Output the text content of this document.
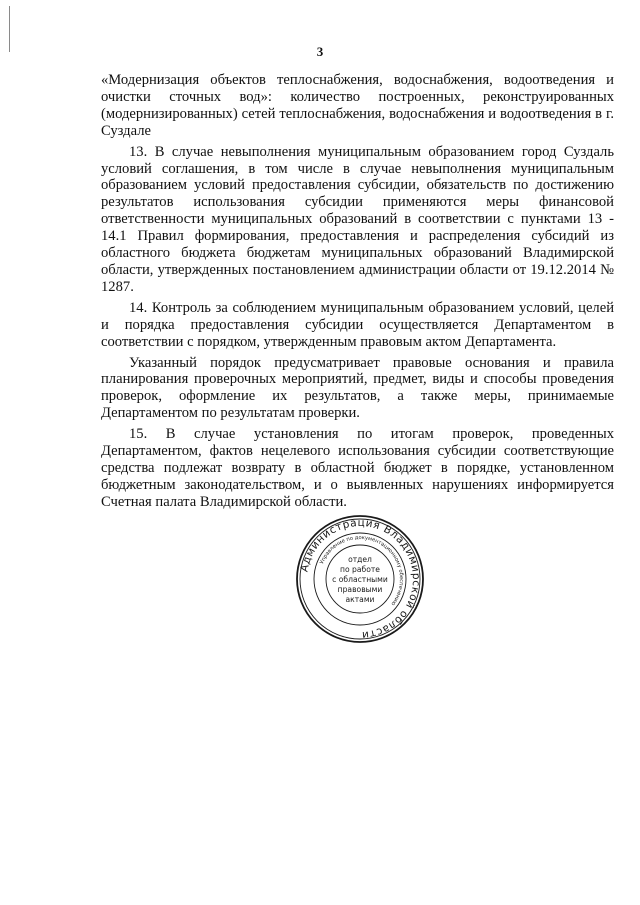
3

«Модернизация объектов теплоснабжения, водоснабжения, водоотведения и очистки сточных вод»: количество построенных, реконструированных (модернизированных) сетей теплоснабжения, водоснабжения и водоотведения в г. Суздале

13. В случае невыполнения муниципальным образованием город Суздаль условий соглашения, в том числе в случае невыполнения муниципальным образованием условий предоставления субсидии, обязательств по достижению результатов использования субсидии применяются меры финансовой ответственности муниципальных образований в соответствии с пунктами 13 - 14.1 Правил формирования, предоставления и распределения субсидий из областного бюджета бюджетам муниципальных образований Владимирской области, утвержденных постановлением администрации области от 19.12.2014 № 1287.

14. Контроль за соблюдением муниципальным образованием условий, целей и порядка предоставления субсидии осуществляется Департаментом в соответствии с порядком, утвержденным правовым актом Департамента.

Указанный порядок предусматривает правовые основания и правила планирования проверочных мероприятий, предмет, виды и способы проведения проверок, оформление их результатов, а также меры, принимаемые Департаментом по результатам проверки.

15. В случае установления по итогам проверок, проведенных Департаментом, фактов нецелевого использования субсидии соответствующие средства подлежат возврату в областной бюджет в порядке, установленном бюджетным законодательством, и о выявленных нарушениях информируется Счетная палата Владимирской области.

Администрация Владимирской области
Управление по документационному обеспечению
отдел
по работе
с областными
правовыми
актами
